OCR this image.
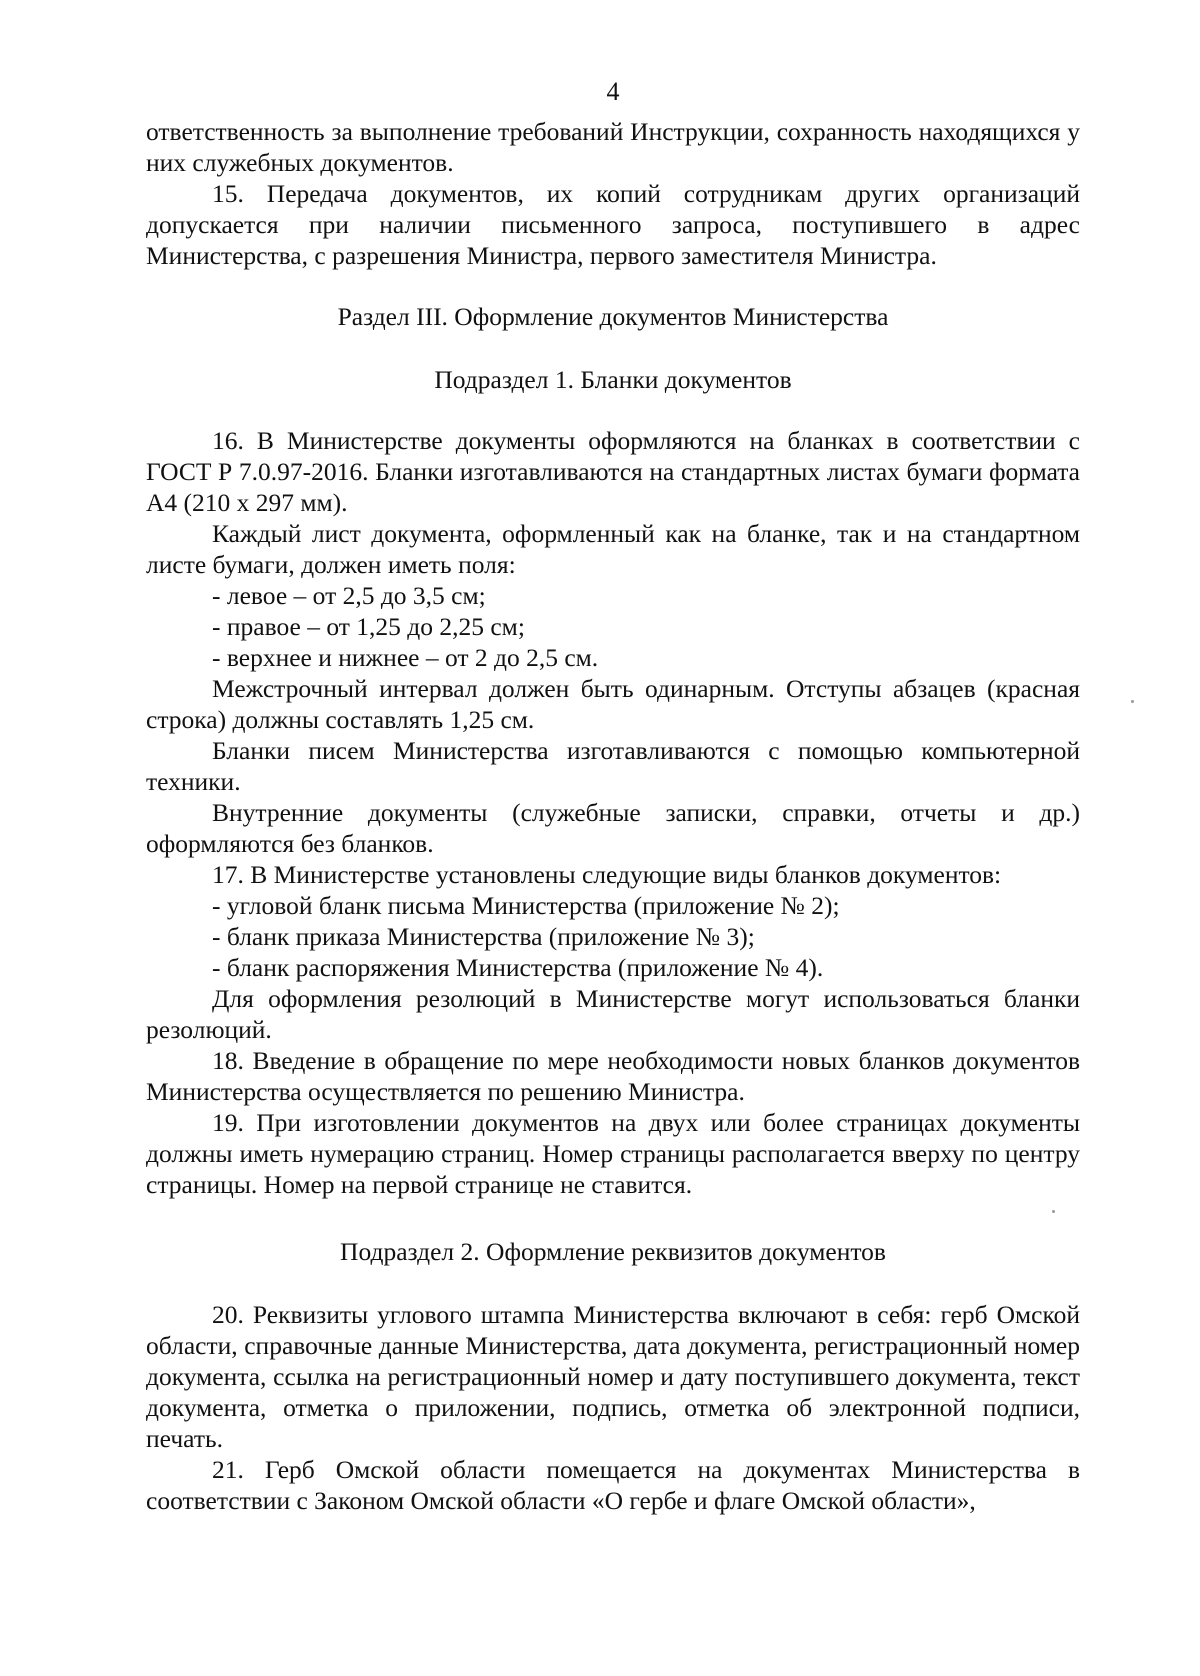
4

ответственность за выполнение требований Инструкции, сохранность находящихся у них служебных документов.

15. Передача документов, их копий сотрудникам других организаций допускается при наличии письменного запроса, поступившего в адрес Министерства, с разрешения Министра, первого заместителя Министра.

Раздел III. Оформление документов Министерства
Подраздел 1. Бланки документов

16. В Министерстве документы оформляются на бланках в соответствии с ГОСТ Р 7.0.97-2016. Бланки изготавливаются на стандартных листах бумаги формата А4 (210 х 297 мм).

Каждый лист документа, оформленный как на бланке, так и на стандартном листе бумаги, должен иметь поля:

- левое – от 2,5 до 3,5 см;

- правое – от 1,25 до 2,25 см;

- верхнее и нижнее – от 2 до 2,5 см.

Межстрочный интервал должен быть одинарным. Отступы абзацев (красная строка) должны составлять 1,25 см.

Бланки писем Министерства изготавливаются с помощью компьютерной техники.

Внутренние документы (служебные записки, справки, отчеты и др.) оформляются без бланков.

17. В Министерстве установлены следующие виды бланков документов:

- угловой бланк письма Министерства (приложение № 2);

- бланк приказа Министерства (приложение № 3);

- бланк распоряжения Министерства (приложение № 4).

Для оформления резолюций в Министерстве могут использоваться бланки резолюций.

18. Введение в обращение по мере необходимости новых бланков документов Министерства осуществляется по решению Министра.

19. При изготовлении документов на двух или более страницах документы должны иметь нумерацию страниц. Номер страницы располагается вверху по центру страницы. Номер на первой странице не ставится.

Подраздел 2. Оформление реквизитов документов

20. Реквизиты углового штампа Министерства включают в себя: герб Омской области, справочные данные Министерства, дата документа, регистрационный номер документа, ссылка на регистрационный номер и дату поступившего документа, текст документа, отметка о приложении, подпись, отметка об электронной подписи, печать.

21. Герб Омской области помещается на документах Министерства в соответствии с Законом Омской области «О гербе и флаге Омской области»,
